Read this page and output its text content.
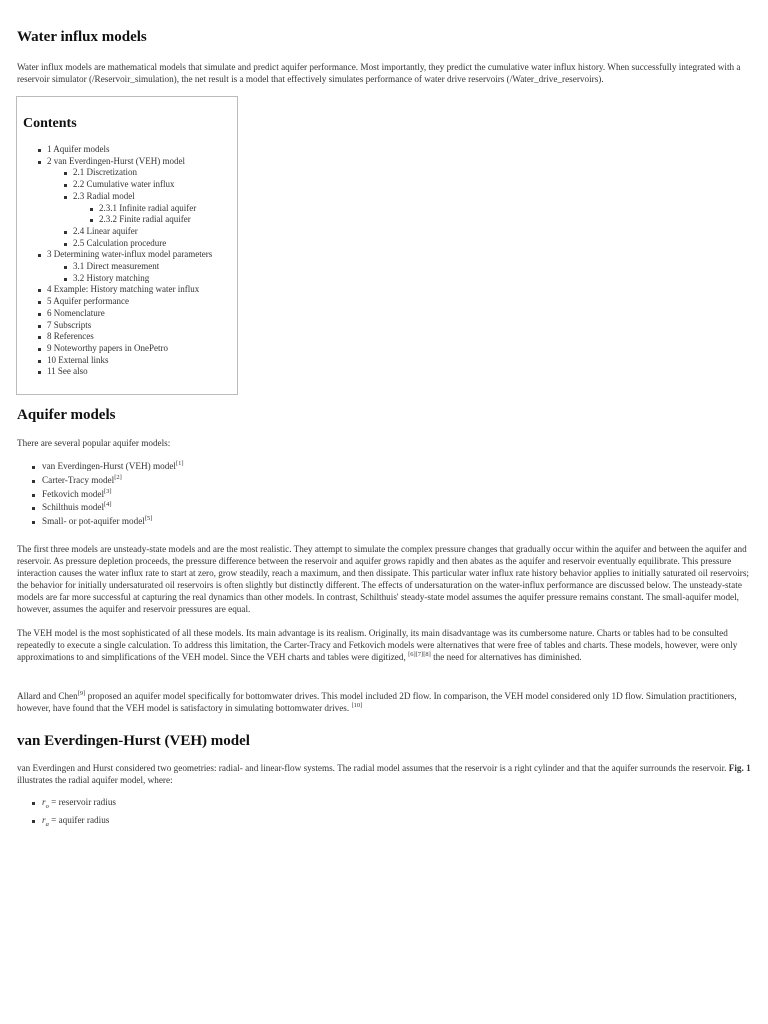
Water influx models

Water influx models are mathematical models that simulate and predict aquifer performance. Most importantly, they predict the cumulative water influx history. When successfully integrated with a reservoir simulator (/Reservoir_simulation), the net result is a model that effectively simulates performance of water drive reservoirs (/Water_drive_reservoirs).

Contents
1 Aquifer models
2 van Everdingen-Hurst (VEH) model
2.1 Discretization
2.2 Cumulative water influx
2.3 Radial model
2.3.1 Infinite radial aquifer
2.3.2 Finite radial aquifer
2.4 Linear aquifer
2.5 Calculation procedure
3 Determining water-influx model parameters
3.1 Direct measurement
3.2 History matching
4 Example: History matching water influx
5 Aquifer performance
6 Nomenclature
7 Subscripts
8 References
9 Noteworthy papers in OnePetro
10 External links
11 See also
Aquifer models

There are several popular aquifer models:

van Everdingen-Hurst (VEH) model[1]
Carter-Tracy model[2]
Fetkovich model[3]
Schilthuis model[4]
Small- or pot-aquifer model[5]

The first three models are unsteady-state models and are the most realistic. They attempt to simulate the complex pressure changes that gradually occur within the aquifer and between the aquifer and reservoir. As pressure depletion proceeds, the pressure difference between the reservoir and aquifer grows rapidly and then abates as the aquifer and reservoir eventually equilibrate. This pressure interaction causes the water influx rate to start at zero, grow steadily, reach a maximum, and then dissipate. This particular water influx rate history behavior applies to initially saturated oil reservoirs; the behavior for initially undersaturated oil reservoirs is often slightly but distinctly different. The effects of undersaturation on the water-influx performance are discussed below. The unsteady-state models are far more successful at capturing the real dynamics than other models. In contrast, Schilthuis' steady-state model assumes the aquifer pressure remains constant. The small-aquifer model, however, assumes the aquifer and reservoir pressures are equal.

The VEH model is the most sophisticated of all these models. Its main advantage is its realism. Originally, its main disadvantage was its cumbersome nature. Charts or tables had to be consulted repeatedly to execute a single calculation. To address this limitation, the Carter-Tracy and Fetkovich models were alternatives that were free of tables and charts. These models, however, were only approximations to and simplifications of the VEH model. Since the VEH charts and tables were digitized, [6][7][8] the need for alternatives has diminished.

Allard and Chen[9] proposed an aquifer model specifically for bottomwater drives. This model included 2D flow. In comparison, the VEH model considered only 1D flow. Simulation practitioners, however, have found that the VEH model is satisfactory in simulating bottomwater drives. [10]

van Everdingen-Hurst (VEH) model

van Everdingen and Hurst considered two geometries: radial- and linear-flow systems. The radial model assumes that the reservoir is a right cylinder and that the aquifer surrounds the reservoir. Fig. 1 illustrates the radial aquifer model, where:

$r_o$ = reservoir radius
$r_a$ = aquifer radius
